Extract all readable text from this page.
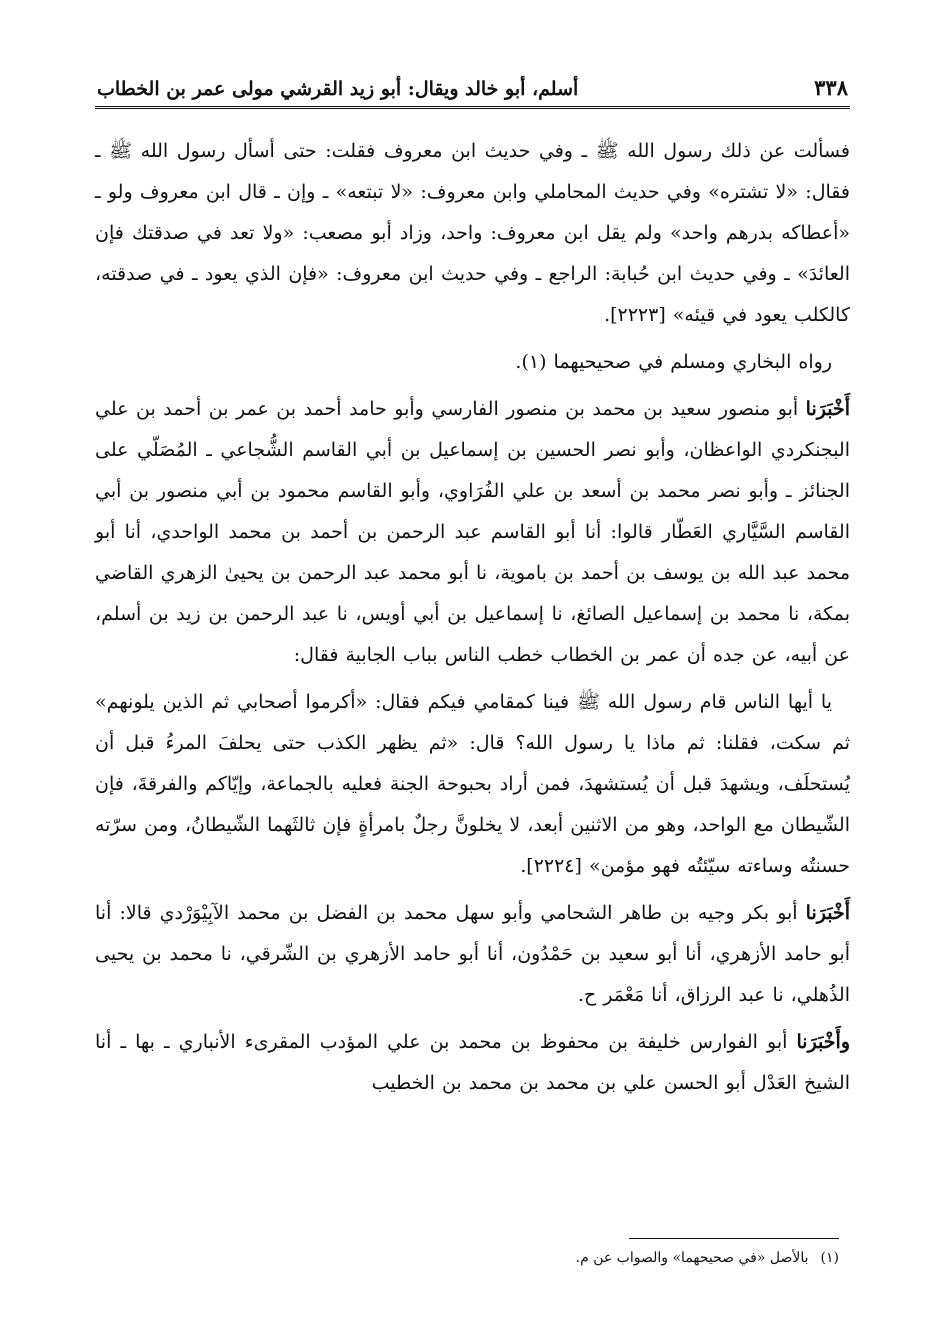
٣٣٨
أسلم، أبو خالد ويقال: أبو زيد القرشي مولى عمر بن الخطاب

فسألت عن ذلك رسول الله ﷺ ـ وفي حديث ابن معروف فقلت: حتى أسأل رسول الله ﷺ ـ فقال: «لا تشتره» وفي حديث المحاملي وابن معروف: «لا تبتعه» ـ وإن ـ قال ابن معروف ولو ـ «أعطاكه بدرهم واحد» ولم يقل ابن معروف: واحد، وزاد أبو مصعب: «ولا تعد في صدقتك فإن العائدَ» ـ وفي حديث ابن حُبابة: الراجع ـ وفي حديث ابن معروف: «فإن الذي يعود ـ في صدقته، كالكلب يعود في قيئه» [٢٢٢٣].

رواه البخاري ومسلم في صحيحيهما (١).

أَخْبَرَنا أبو منصور سعيد بن محمد بن منصور الفارسي وأبو حامد أحمد بن عمر بن أحمد بن علي البجنكردي الواعظان، وأبو نصر الحسين بن إسماعيل بن أبي القاسم الشُّجاعي ـ المُصَلّي على الجنائز ـ وأبو نصر محمد بن أسعد بن علي الفُرَاوي، وأبو القاسم محمود بن أبي منصور بن أبي القاسم السَّيَّاري العَطّار قالوا: أنا أبو القاسم عبد الرحمن بن أحمد بن محمد الواحدي، أنا أبو محمد عبد الله بن يوسف بن أحمد بن باموية، نا أبو محمد عبد الرحمن بن يحيىٰ الزهري القاضي بمكة، نا محمد بن إسماعيل الصائغ، نا إسماعيل بن أبي أويس، نا عبد الرحمن بن زيد بن أسلم، عن أبيه، عن جده أن عمر بن الخطاب خطب الناس بباب الجابية فقال:

يا أيها الناس قام رسول الله ﷺ فينا كمقامي فيكم فقال: «أكرموا أصحابي ثم الذين يلونهم» ثم سكت، فقلنا: ثم ماذا يا رسول الله؟ قال: «ثم يظهر الكذب حتى يحلفَ المرءُ قبل أن يُستحلَف، ويشهدَ قبل أن يُستشهدَ، فمن أراد بحبوحة الجنة فعليه بالجماعة، وإيّاكم والفرقةَ، فإن الشّيطان مع الواحد، وهو من الاثنين أبعد، لا يخلونَّ رجلٌ بامرأةٍ فإن ثالثَهما الشّيطانُ، ومن سرّته حسنتُه وساءته سيّئتُه فهو مؤمن» [٢٢٢٤].

أَخْبَرَنا أبو بكر وجيه بن طاهر الشحامي وأبو سهل محمد بن الفضل بن محمد الآبِيْوَرْدي قالا: أنا أبو حامد الأزهري، أنا أبو سعيد بن حَمْدُون، أنا أبو حامد الأزهري بن الشّرقي، نا محمد بن يحيى الذُهلي، نا عبد الرزاق، أنا مَعْمَر ح.

وأَخْبَرَنا أبو الفوارس خليفة بن محفوظ بن محمد بن علي المؤدب المقرىء الأنباري ـ بها ـ أنا الشيخ العَدْل أبو الحسن علي بن محمد بن محمد بن الخطيب

(١)بالأصل «في صحيحهما» والصواب عن م.
